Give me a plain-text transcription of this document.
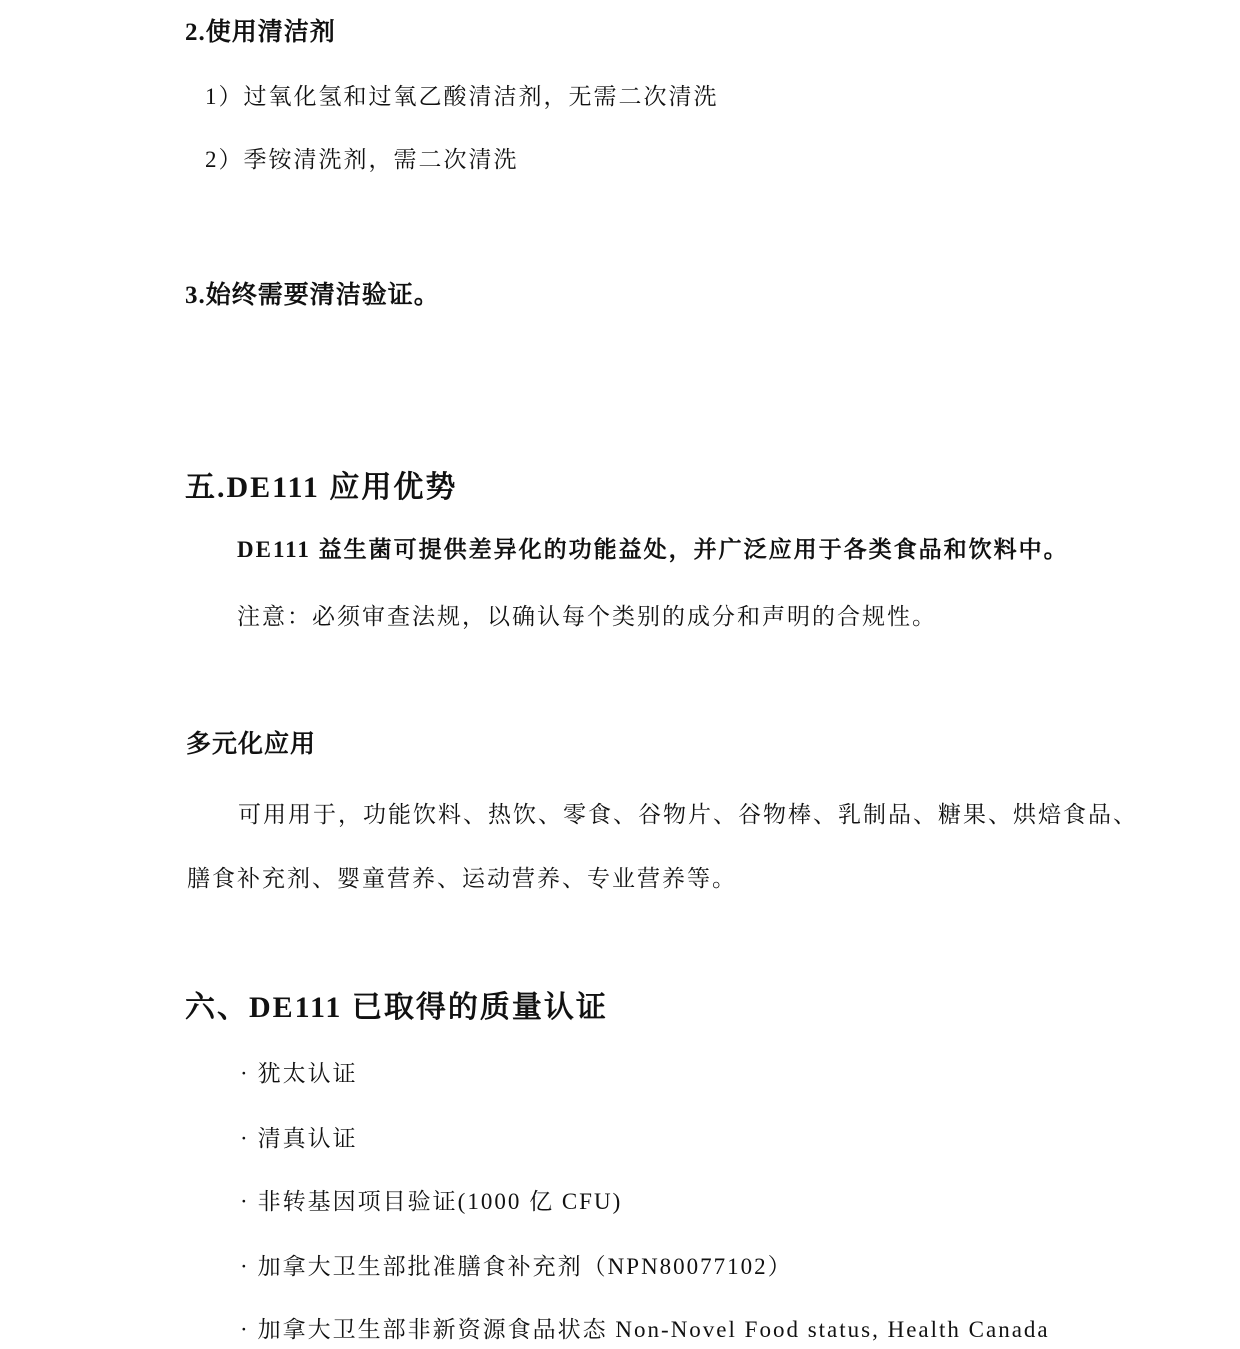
2.使用清洁剂
1）过氧化氢和过氧乙酸清洁剂，无需二次清洗
2）季铵清洗剂，需二次清洗
3.始终需要清洁验证。
五.DE111 应用优势
DE111 益生菌可提供差异化的功能益处，并广泛应用于各类食品和饮料中。
注意：必须审查法规，以确认每个类别的成分和声明的合规性。
多元化应用
可用用于，功能饮料、热饮、零食、谷物片、谷物棒、乳制品、糖果、烘焙食品、
膳食补充剂、婴童营养、运动营养、专业营养等。
六、DE111 已取得的质量认证
· 犹太认证
· 清真认证
· 非转基因项目验证(1000 亿 CFU)
· 加拿大卫生部批准膳食补充剂（NPN80077102）
· 加拿大卫生部非新资源食品状态 Non-Novel Food status, Health Canada
